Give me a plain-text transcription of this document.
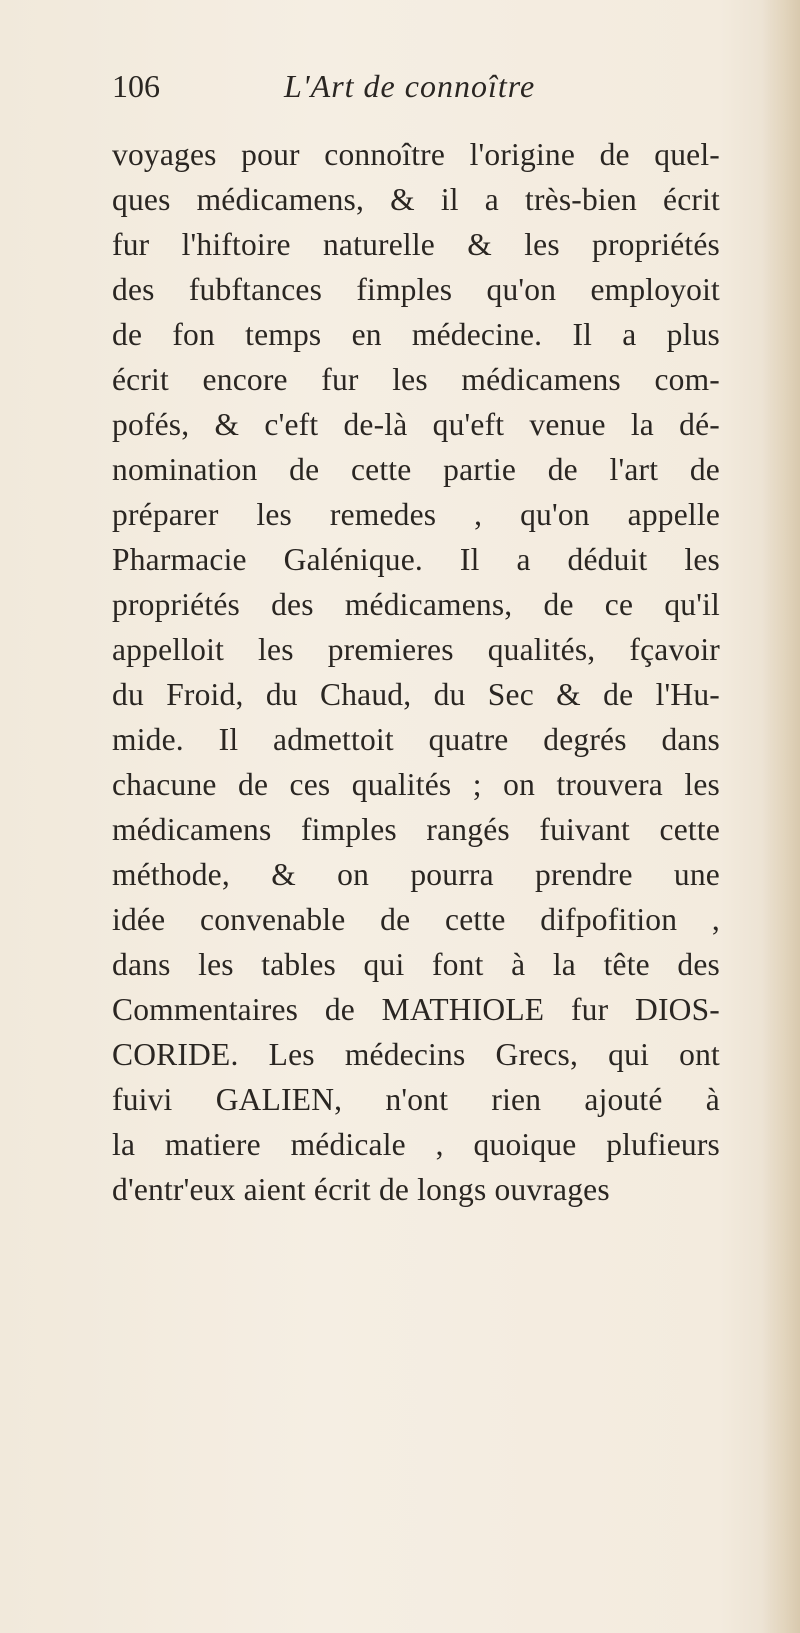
106	L'Art de connoître
voyages pour connoître l'origine de quel-
ques médicamens, & il a très-bien écrit
fur l'hiftoire naturelle & les propriétés
des fubftances fimples qu'on employoit
de fon temps en médecine. Il a plus
écrit encore fur les médicamens com-
pofés, & c'eft de-là qu'eft venue la dé-
nomination de cette partie de l'art de
préparer les remedes , qu'on appelle
Pharmacie Galénique. Il a déduit les
propriétés des médicamens, de ce qu'il
appelloit les premieres qualités, fçavoir
du Froid, du Chaud, du Sec & de l'Hu-
mide. Il admettoit quatre degrés dans
chacune de ces qualités ; on trouvera les
médicamens fimples rangés fuivant cette
méthode, & on pourra prendre une
idée convenable de cette difpofition ,
dans les tables qui font à la tête des
Commentaires de MATHIOLE fur DIOS-
CORIDE. Les médecins Grecs, qui ont
fuivi GALIEN, n'ont rien ajouté à
la matiere médicale , quoique plufieurs
d'entr'eux aient écrit de longs ouvrages
